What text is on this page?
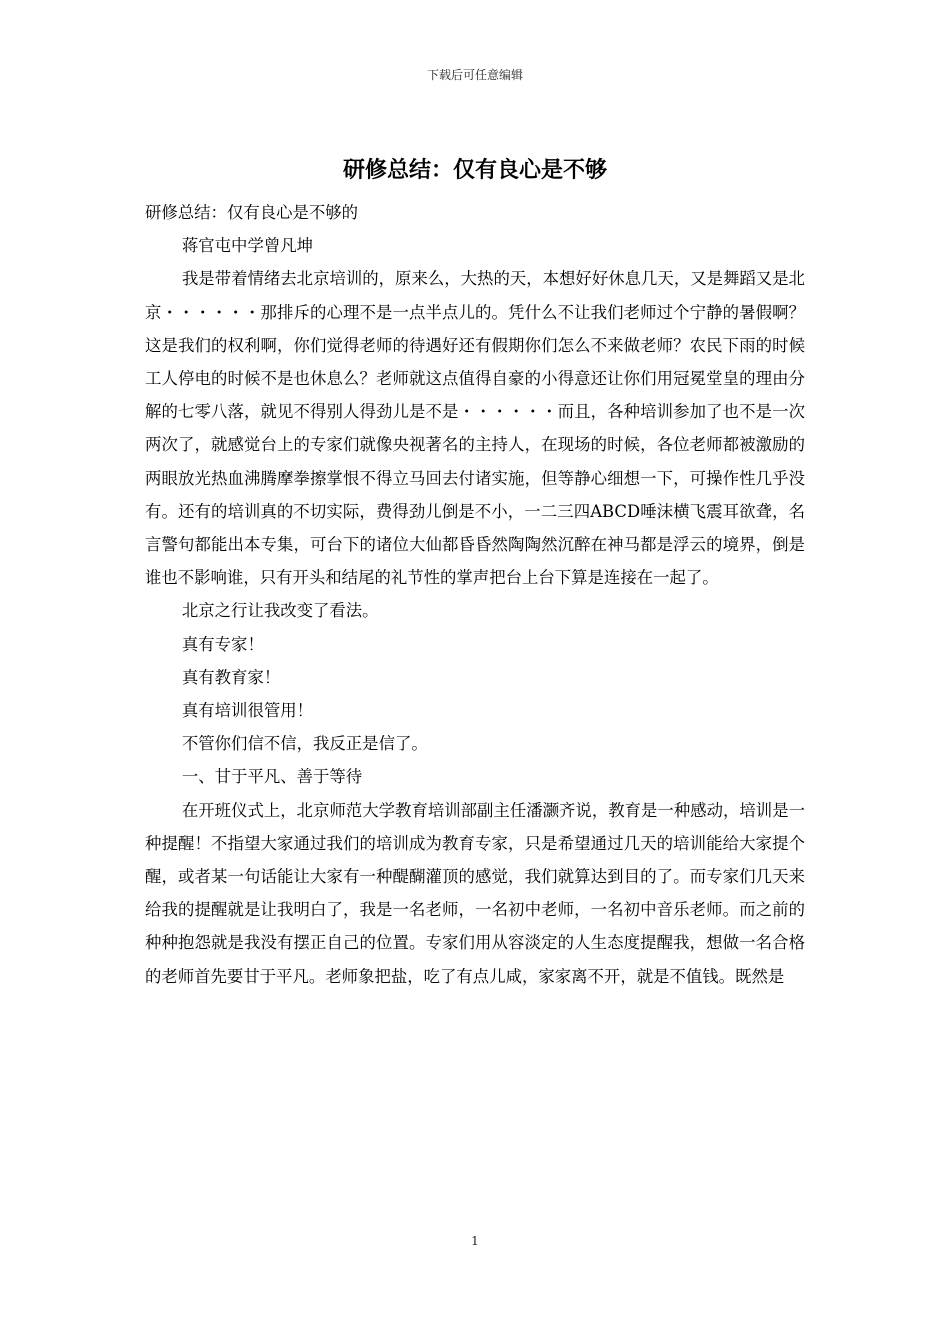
下载后可任意编辑
研修总结：仅有良心是不够

研修总结：仅有良心是不够的

蒋官屯中学曾凡坤

我是带着情绪去北京培训的，原来么，大热的天，本想好好休息几天，又是舞蹈又是北京・・・・・・那排斥的心理不是一点半点儿的。凭什么不让我们老师过个宁静的暑假啊？这是我们的权利啊，你们觉得老师的待遇好还有假期你们怎么不来做老师？农民下雨的时候工人停电的时候不是也休息么？老师就这点值得自豪的小得意还让你们用冠冕堂皇的理由分解的七零八落，就见不得别人得劲儿是不是・・・・・・而且，各种培训参加了也不是一次两次了，就感觉台上的专家们就像央视著名的主持人，在现场的时候，各位老师都被激励的两眼放光热血沸腾摩拳擦掌恨不得立马回去付诸实施，但等静心细想一下，可操作性几乎没有。还有的培训真的不切实际，费得劲儿倒是不小，一二三四ABCD唾沫横飞震耳欲聋，名言警句都能出本专集，可台下的诸位大仙都昏昏然陶陶然沉醉在神马都是浮云的境界，倒是谁也不影响谁，只有开头和结尾的礼节性的掌声把台上台下算是连接在一起了。

北京之行让我改变了看法。

真有专家！

真有教育家！

真有培训很管用！

不管你们信不信，我反正是信了。

一、甘于平凡、善于等待

在开班仪式上，北京师范大学教育培训部副主任潘灏齐说，教育是一种感动，培训是一种提醒！不指望大家通过我们的培训成为教育专家，只是希望通过几天的培训能给大家提个醒，或者某一句话能让大家有一种醍醐灌顶的感觉，我们就算达到目的了。而专家们几天来给我的提醒就是让我明白了，我是一名老师，一名初中老师，一名初中音乐老师。而之前的种种抱怨就是我没有摆正自己的位置。专家们用从容淡定的人生态度提醒我，想做一名合格的老师首先要甘于平凡。老师象把盐，吃了有点儿咸，家家离不开，就是不值钱。既然是

1
